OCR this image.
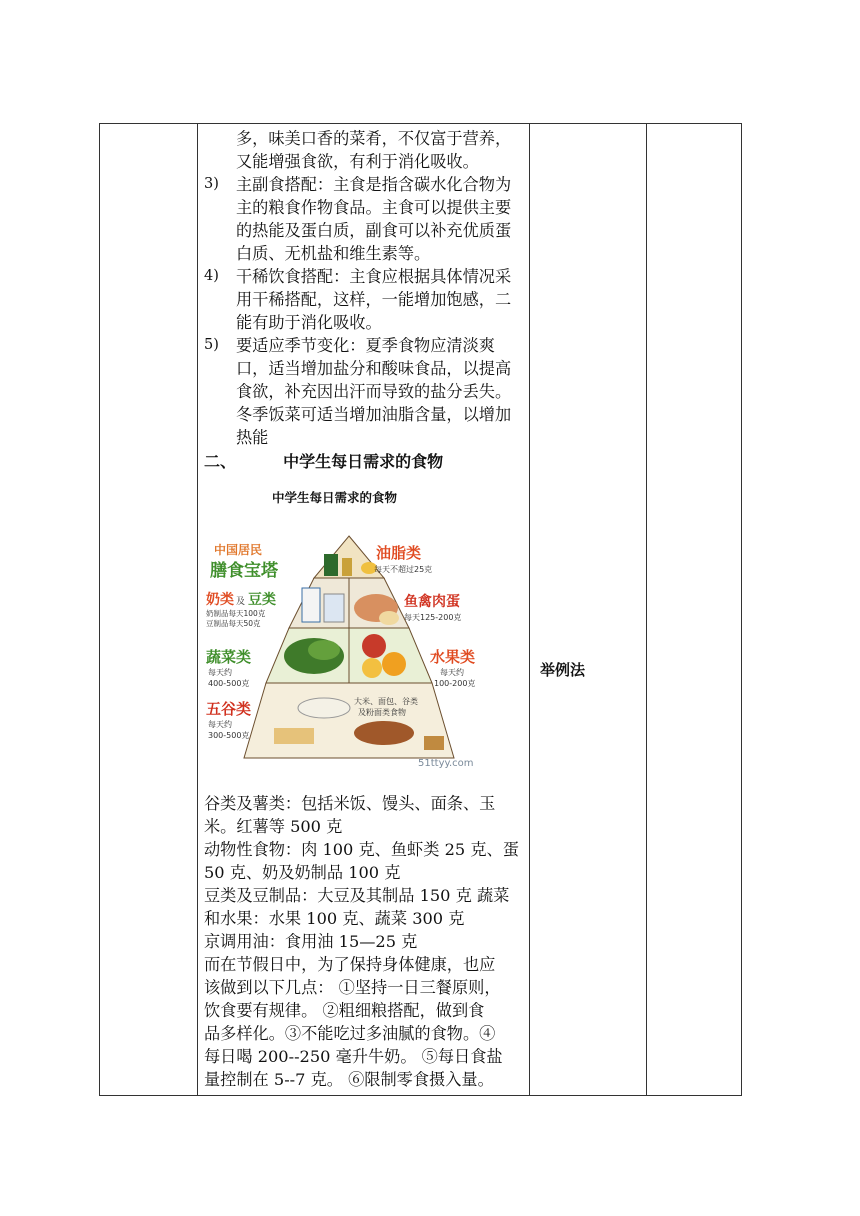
多，味美口香的菜肴，不仅富于营养，
又能增强食欲，有利于消化吸收。
3) 主副食搭配：主食是指含碳水化合物为
主的粮食作物食品。主食可以提供主要
的热能及蛋白质，副食可以补充优质蛋
白质、无机盐和维生素等。
4) 干稀饮食搭配：主食应根据具体情况采
用干稀搭配，这样，一能增加饱感，二
能有助于消化吸收。
5) 要适应季节变化：夏季食物应清淡爽
口，适当增加盐分和酸味食品，以提高
食欲，补充因出汗而导致的盐分丢失。
冬季饭菜可适当增加油脂含量，以增加
热能
二、	中学生每日需求的食物
中学生每日需求的食物
中国居民
膳食宝塔
油脂类
每天不超过25克
奶类 及 豆类
奶制品每天100克
豆制品每天50克
鱼禽肉蛋
每天125-200克
蔬菜类
每天约
400-500克
水果类
每天约
100-200克
五谷类
每天约
300-500克
大米、面包、谷类
及粉面类食物
51ttyy.com
谷类及薯类：包括米饭、馒头、面条、玉
米。红薯等 500 克
动物性食物：肉 100 克、鱼虾类 25 克、蛋
50 克、奶及奶制品 100 克
豆类及豆制品：大豆及其制品 150 克 蔬菜
和水果：水果 100 克、蔬菜 300 克
京调用油：食用油 15—25 克
而在节假日中，为了保持身体健康，也应
该做到以下几点： ①坚持一日三餐原则，
饮食要有规律。 ②粗细粮搭配，做到食
品多样化。③不能吃过多油腻的食物。④
每日喝 200--250 毫升牛奶。 ⑤每日食盐
量控制在 5--7 克。 ⑥限制零食摄入量。
举例法
